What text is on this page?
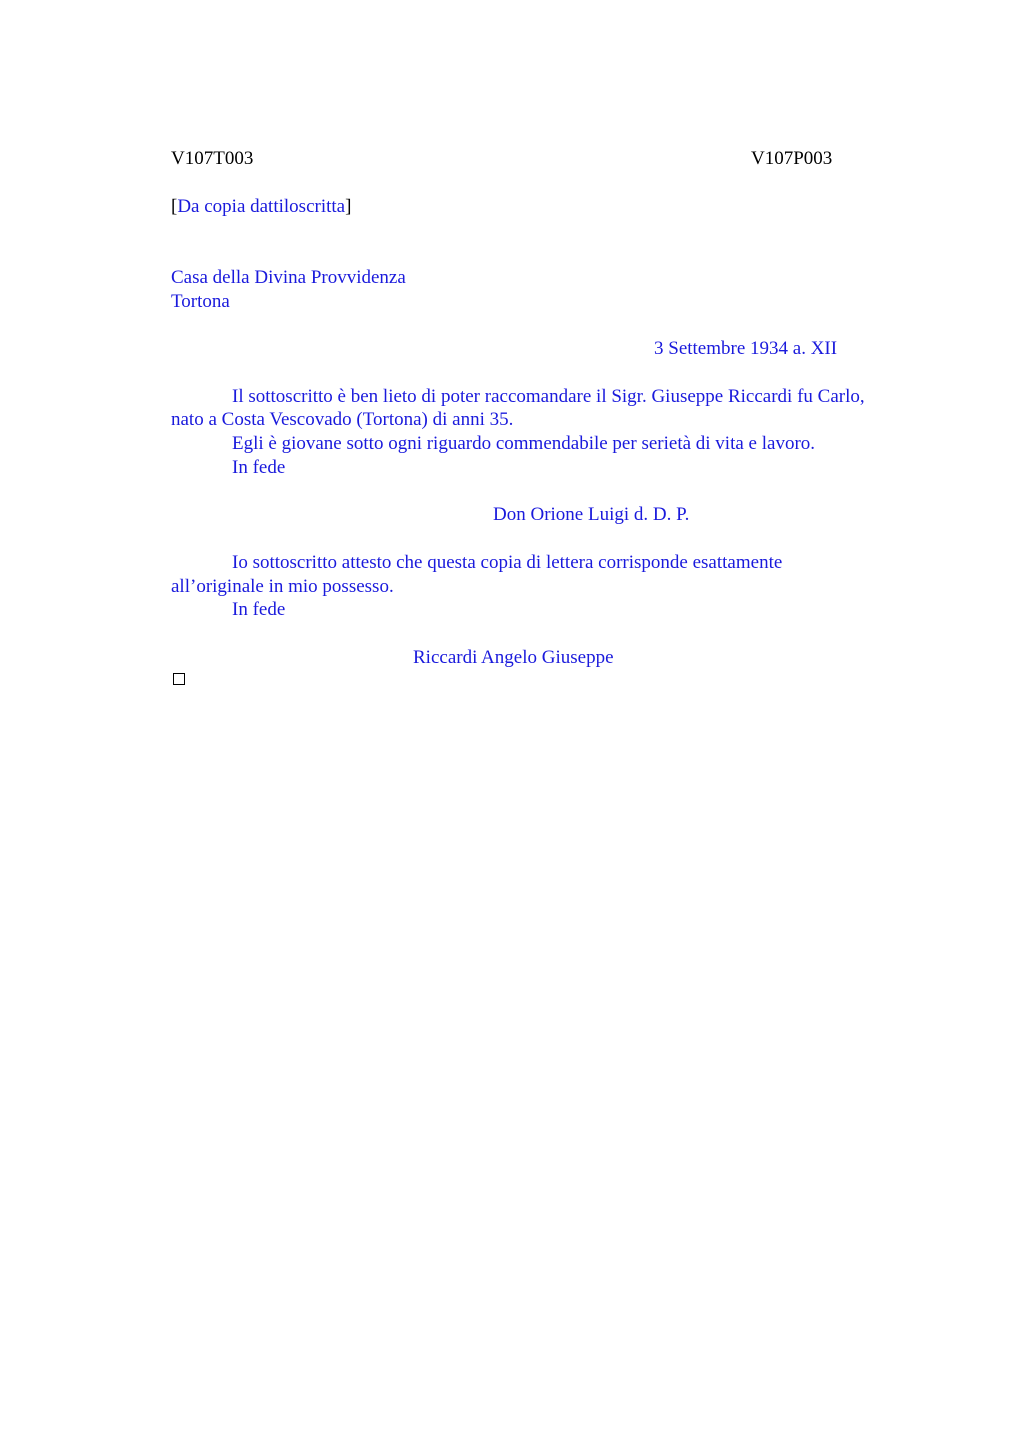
V107T003	V107P003
[Da copia dattiloscritta]
Casa della Divina Provvidenza
Tortona
3 Settembre 1934 a. XII
Il sottoscritto è ben lieto di poter raccomandare il Sigr. Giuseppe Riccardi fu Carlo,
nato a Costa Vescovado (Tortona) di anni 35.
Egli è giovane sotto ogni riguardo commendabile per serietà di vita e lavoro.
In fede
Don Orione Luigi d. D. P.
Io sottoscritto attesto che questa copia di lettera corrisponde esattamente
all’originale in mio possesso.
In fede
Riccardi Angelo Giuseppe
